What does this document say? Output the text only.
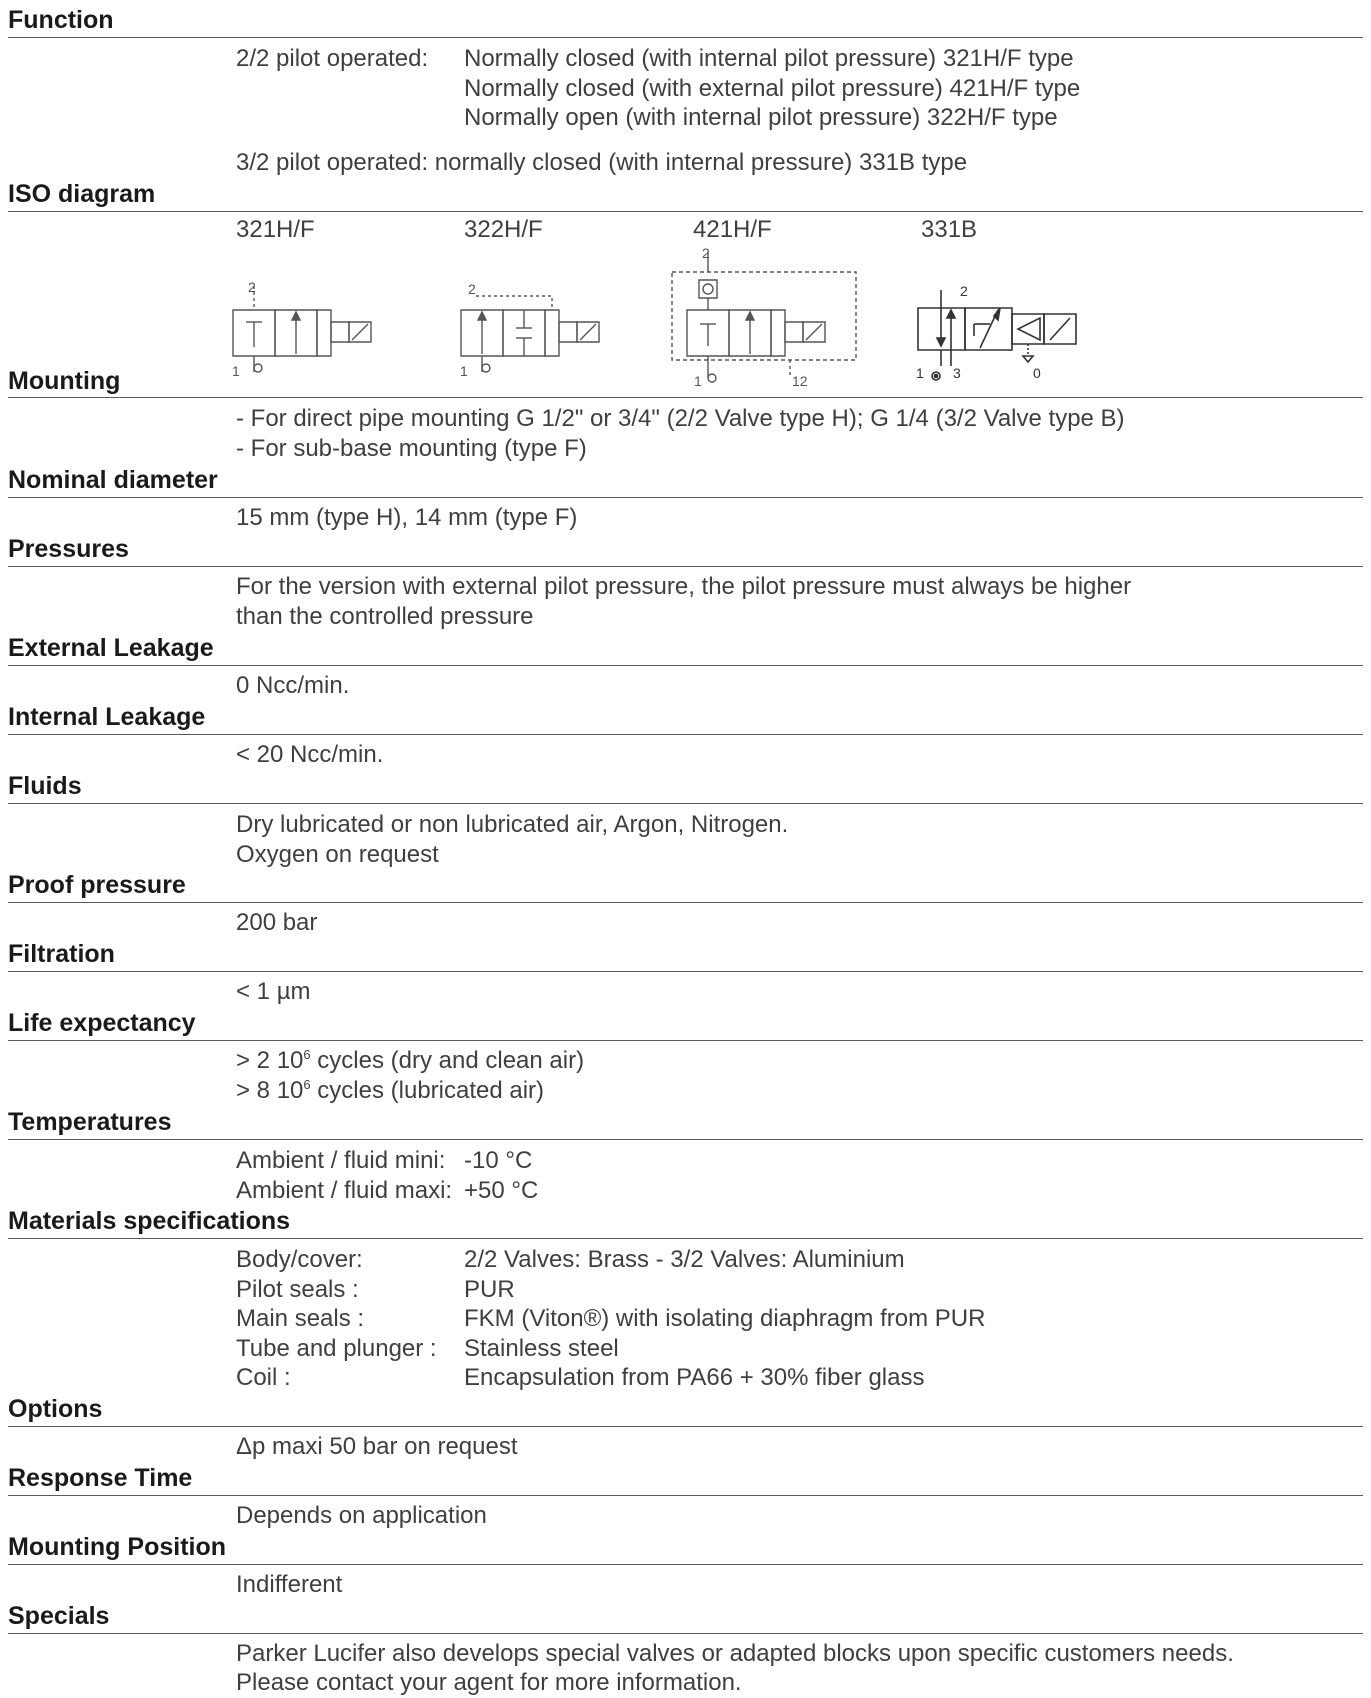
Function
2/2 pilot operated: Normally closed (with internal pilot pressure) 321H/F type
Normally closed (with external pilot pressure) 421H/F type
Normally open (with internal pilot pressure) 322H/F type
3/2 pilot operated: normally closed (with internal pressure) 331B type
ISO diagram
321H/F	322H/F	421H/F	331B
2
1
2
1
2
1	12
2
1 3	0
Mounting
- For direct pipe mounting G 1/2" or 3/4" (2/2 Valve type H); G 1/4 (3/2 Valve type B)
- For sub-base mounting (type F)
Nominal diameter
15 mm (type H), 14 mm (type F)
Pressures
For the version with external pilot pressure, the pilot pressure must always be higher
than the controlled pressure
External Leakage
0 Ncc/min.
Internal Leakage
< 20 Ncc/min.
Fluids
Dry lubricated or non lubricated air, Argon, Nitrogen.
Oxygen on request
Proof pressure
200 bar
Filtration
< 1 µm
Life expectancy
> 2 $10^6$ cycles (dry and clean air)
> 8 $10^6$ cycles (lubricated air)
Temperatures
Ambient / fluid mini: -10 °C
Ambient / fluid maxi: +50 °C
Materials specifications
Body/cover:	2/2 Valves: Brass - 3/2 Valves: Aluminium
Pilot seals :	PUR
Main seals :	FKM (Viton®) with isolating diaphragm from PUR
Tube and plunger : Stainless steel
Coil :	Encapsulation from PA66 + 30% fiber glass
Options
Δp maxi 50 bar on request
Response Time
Depends on application
Mounting Position
Indifferent
Specials
Parker Lucifer also develops special valves or adapted blocks upon specific customers needs.
Please contact your agent for more information.
